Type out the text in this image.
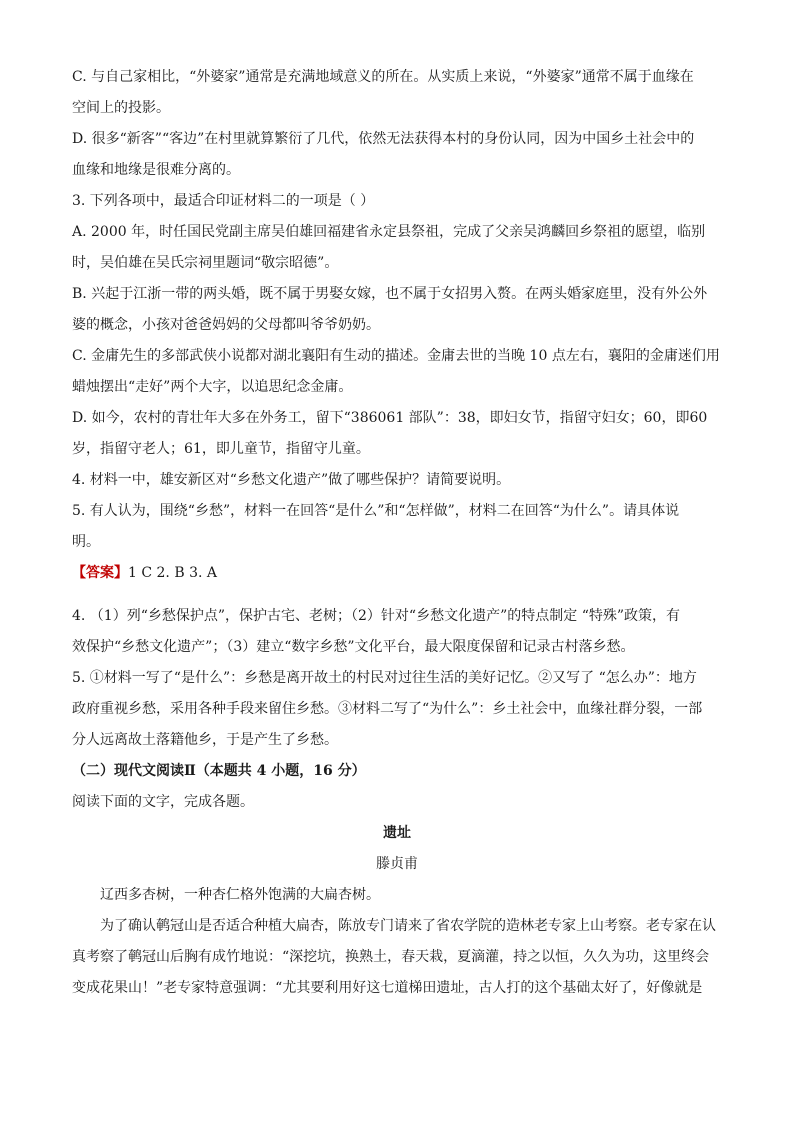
C. 与自己家相比，“外婆家”通常是充满地域意义的所在。从实质上来说，“外婆家”通常不属于血缘在
空间上的投影。
D. 很多“新客”“客边”在村里就算繁衍了几代，依然无法获得本村的身份认同，因为中国乡土社会中的
血缘和地缘是很难分离的。
3. 下列各项中，最适合印证材料二的一项是（ ）
A. 2000 年，时任国民党副主席吴伯雄回福建省永定县祭祖，完成了父亲吴鸿麟回乡祭祖的愿望，临别
时，吴伯雄在吴氏宗祠里题词“敬宗昭德”。
B. 兴起于江浙一带的两头婚，既不属于男娶女嫁，也不属于女招男入赘。在两头婚家庭里，没有外公外
婆的概念，小孩对爸爸妈妈的父母都叫爷爷奶奶。
C. 金庸先生的多部武侠小说都对湖北襄阳有生动的描述。金庸去世的当晚 10 点左右，襄阳的金庸迷们用
蜡烛摆出“走好”两个大字，以追思纪念金庸。
D. 如今，农村的青壮年大多在外务工，留下“386061 部队”：38，即妇女节，指留守妇女；60，即60
岁，指留守老人；61，即儿童节，指留守儿童。
4. 材料一中，雄安新区对“乡愁文化遗产”做了哪些保护？请简要说明。
5. 有人认为，围绕“乡愁”，材料一在回答“是什么”和“怎样做”，材料二在回答“为什么”。请具体说
明。
【答案】1 C 2. B 3. A
4. （1）列“乡愁保护点”，保护古宅、老树；（2）针对“乡愁文化遗产”的特点制定 “特殊”政策，有
效保护“乡愁文化遗产”；（3）建立“数字乡愁”文化平台，最大限度保留和记录古村落乡愁。
5. ①材料一写了“是什么”：乡愁是离开故土的村民对过往生活的美好记忆。②又写了 “怎么办”：地方
政府重视乡愁，采用各种手段来留住乡愁。③材料二写了“为什么”：乡土社会中，血缘社群分裂，一部
分人远离故土落籍他乡，于是产生了乡愁。
（二）现代文阅读Ⅱ（本题共 4 小题，16 分）
阅读下面的文字，完成各题。
遗址
滕贞甫
辽西多杏树，一种杏仁格外饱满的大扁杏树。
为了确认鹌冠山是否适合种植大扁杏，陈放专门请来了省农学院的造林老专家上山考察。老专家在认
真考察了鹌冠山后胸有成竹地说：“深挖坑，换熟土，春天栽，夏滴灌，持之以恒，久久为功，这里终会
变成花果山！”老专家特意强调：“尤其要利用好这七道梯田遗址，古人打的这个基础太好了，好像就是
